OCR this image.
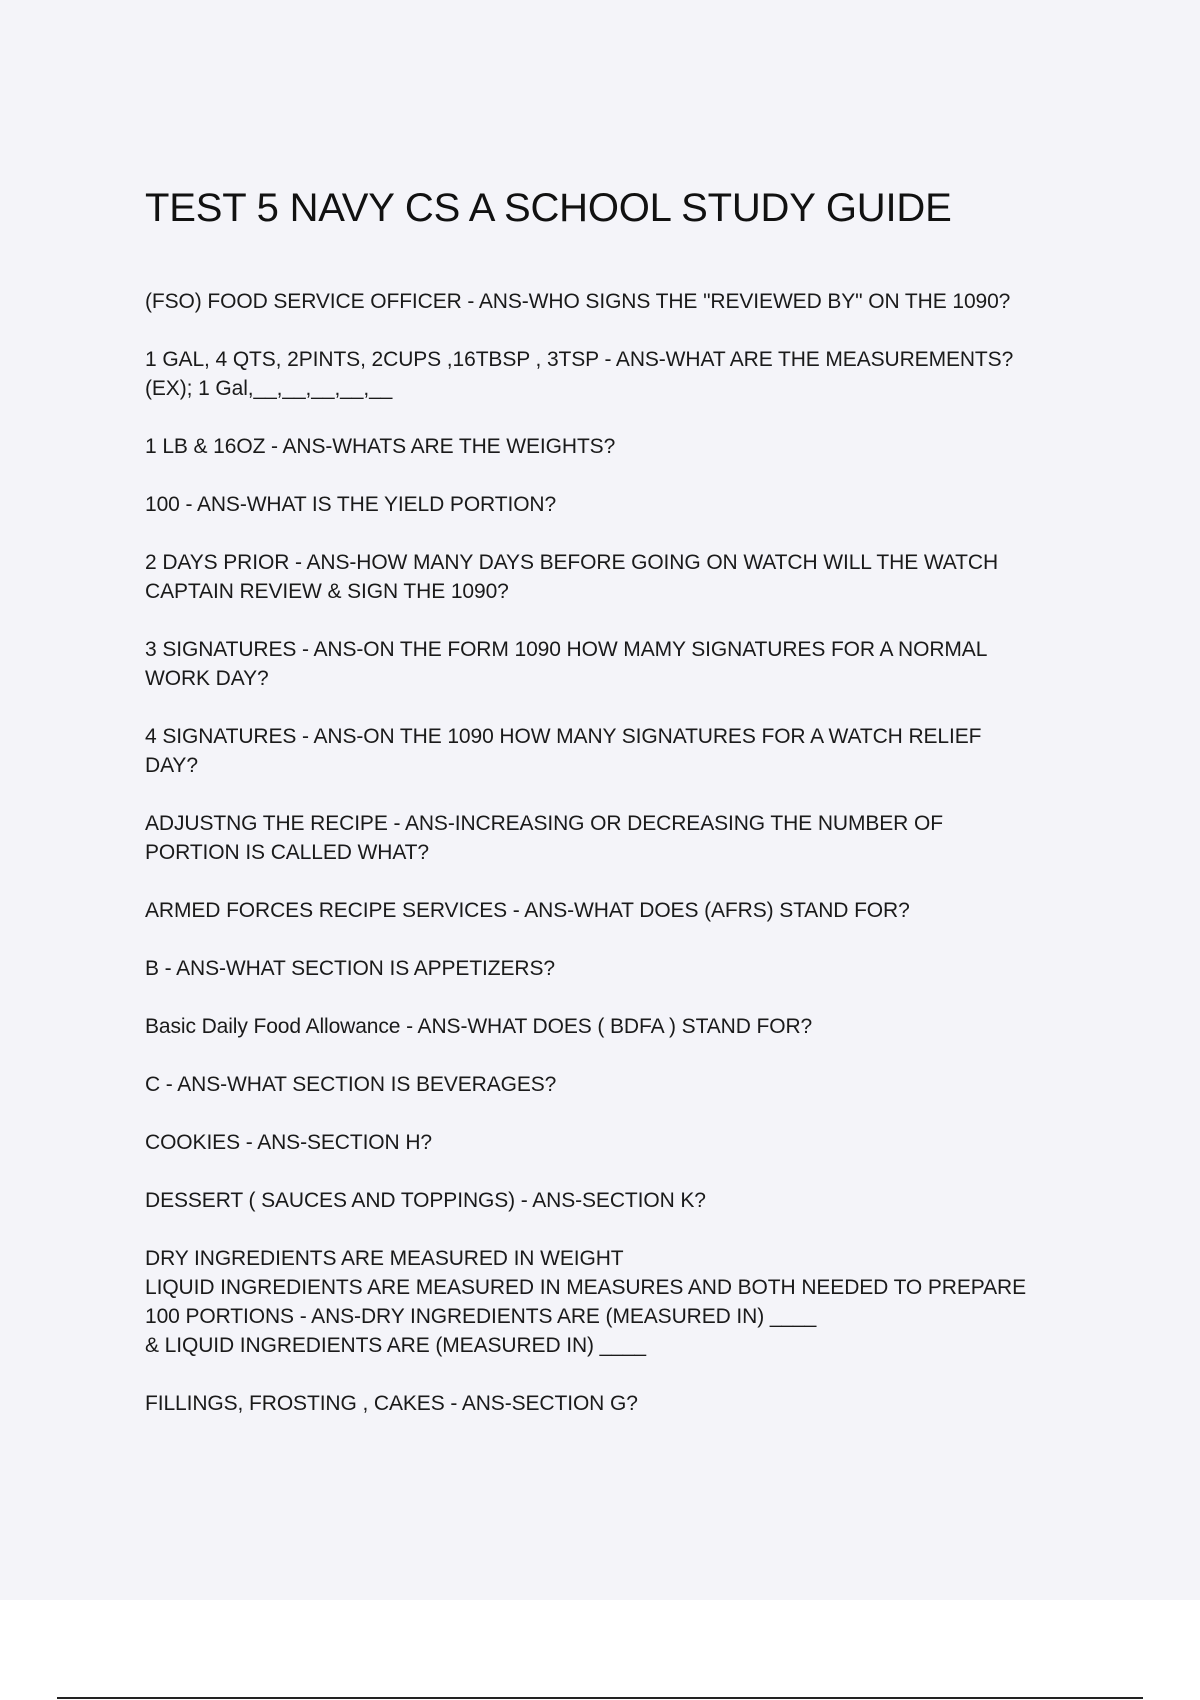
TEST 5 NAVY CS A SCHOOL STUDY GUIDE

(FSO) FOOD SERVICE OFFICER - ANS-WHO SIGNS THE "REVIEWED BY" ON THE 1090?

1 GAL, 4 QTS, 2PINTS, 2CUPS ,16TBSP , 3TSP - ANS-WHAT ARE THE MEASUREMENTS?
(EX); 1 Gal,__,__,__,__,__

1 LB & 16OZ - ANS-WHATS ARE THE WEIGHTS?

100 - ANS-WHAT IS THE YIELD PORTION?

2 DAYS PRIOR - ANS-HOW MANY DAYS BEFORE GOING ON WATCH WILL THE WATCH
CAPTAIN REVIEW & SIGN THE 1090?

3 SIGNATURES - ANS-ON THE FORM 1090 HOW MAMY SIGNATURES FOR A NORMAL
WORK DAY?

4 SIGNATURES - ANS-ON THE 1090 HOW MANY SIGNATURES FOR A WATCH RELIEF
DAY?

ADJUSTNG THE RECIPE - ANS-INCREASING OR DECREASING THE NUMBER OF
PORTION IS CALLED WHAT?

ARMED FORCES RECIPE SERVICES - ANS-WHAT DOES (AFRS) STAND FOR?

B - ANS-WHAT SECTION IS APPETIZERS?

Basic Daily Food Allowance - ANS-WHAT DOES ( BDFA ) STAND FOR?

C - ANS-WHAT SECTION IS BEVERAGES?

COOKIES - ANS-SECTION H?

DESSERT ( SAUCES AND TOPPINGS) - ANS-SECTION K?

DRY INGREDIENTS ARE MEASURED IN WEIGHT
LIQUID INGREDIENTS ARE MEASURED IN MEASURES AND BOTH NEEDED TO PREPARE
100 PORTIONS - ANS-DRY INGREDIENTS ARE (MEASURED IN) ____
& LIQUID INGREDIENTS ARE (MEASURED IN) ____

FILLINGS, FROSTING , CAKES - ANS-SECTION G?
